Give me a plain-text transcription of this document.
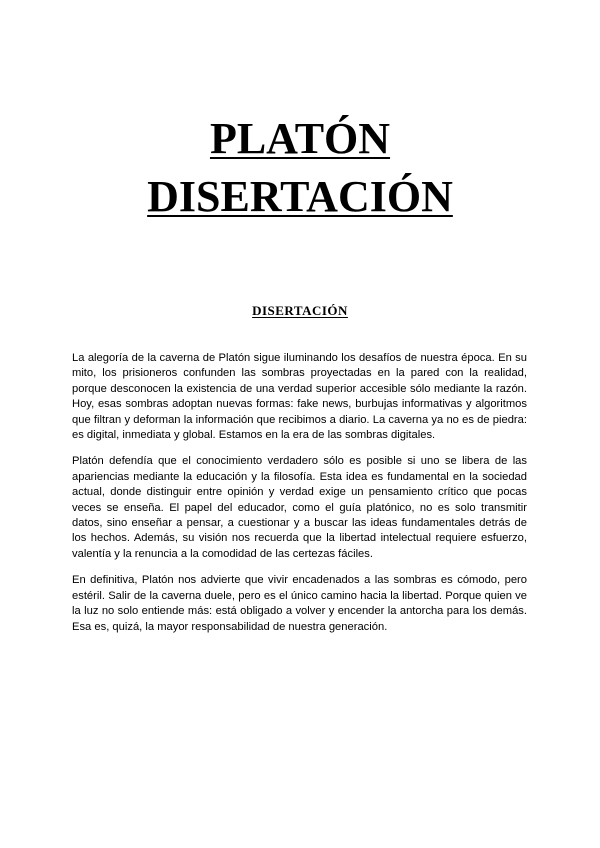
PLATÓN
DISERTACIÓN
DISERTACIÓN

La alegoría de la caverna de Platón sigue iluminando los desafíos de nuestra época. En su mito, los prisioneros confunden las sombras proyectadas en la pared con la realidad, porque desconocen la existencia de una verdad superior accesible sólo mediante la razón. Hoy, esas sombras adoptan nuevas formas: fake news, burbujas informativas y algoritmos que filtran y deforman la información que recibimos a diario. La caverna ya no es de piedra: es digital, inmediata y global. Estamos en la era de las sombras digitales.

Platón defendía que el conocimiento verdadero sólo es posible si uno se libera de las apariencias mediante la educación y la filosofía. Esta idea es fundamental en la sociedad actual, donde distinguir entre opinión y verdad exige un pensamiento crítico que pocas veces se enseña. El papel del educador, como el guía platónico, no es solo transmitir datos, sino enseñar a pensar, a cuestionar y a buscar las ideas fundamentales detrás de los hechos. Además, su visión nos recuerda que la libertad intelectual requiere esfuerzo, valentía y la renuncia a la comodidad de las certezas fáciles.

En definitiva, Platón nos advierte que vivir encadenados a las sombras es cómodo, pero estéril. Salir de la caverna duele, pero es el único camino hacia la libertad. Porque quien ve la luz no solo entiende más: está obligado a volver y encender la antorcha para los demás. Esa es, quizá, la mayor responsabilidad de nuestra generación.
